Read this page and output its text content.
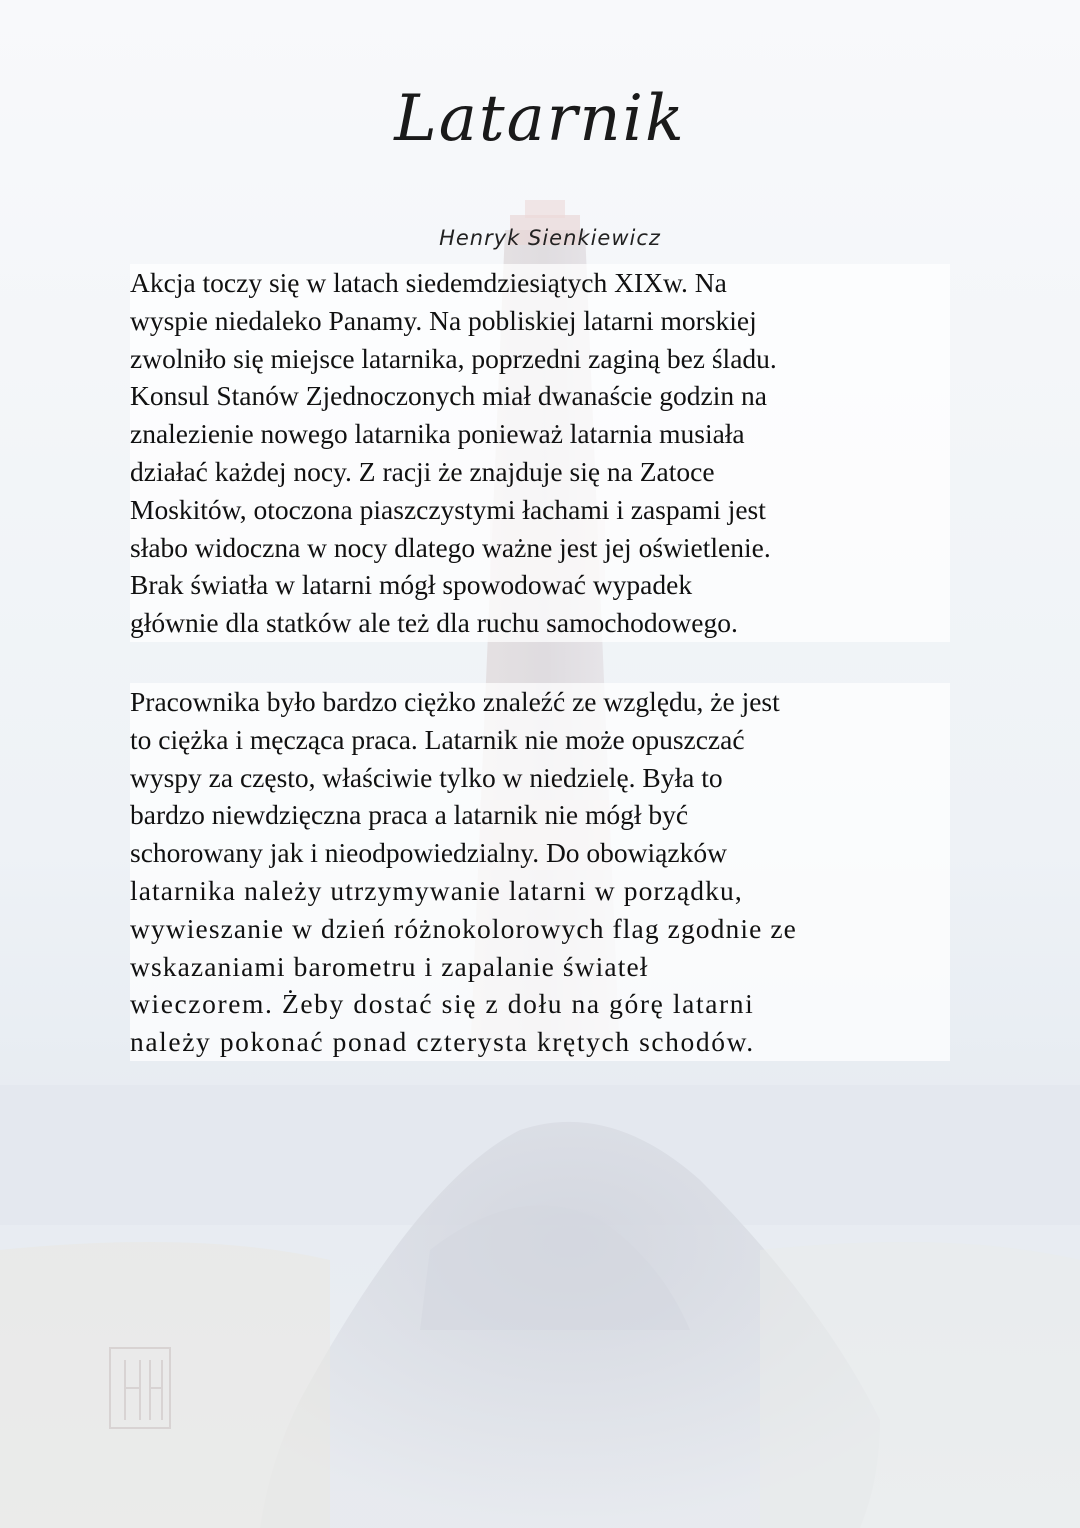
Latarnik
Henryk Sienkiewicz
Akcja toczy się w latach siedemdziesiątych XIXw. Na
wyspie niedaleko Panamy. Na pobliskiej latarni morskiej
zwolniło się miejsce latarnika, poprzedni zaginą bez śladu.
Konsul Stanów Zjednoczonych miał dwanaście godzin na
znalezienie nowego latarnika ponieważ latarnia musiała
działać każdej nocy. Z racji że znajduje się na Zatoce
Moskitów, otoczona piaszczystymi łachami i zaspami jest
słabo widoczna w nocy dlatego ważne jest jej oświetlenie.
Brak światła w latarni mógł spowodować wypadek
głównie dla statków ale też dla ruchu samochodowego.
Pracownika było bardzo ciężko znaleźć ze względu, że jest
to ciężka i męcząca praca. Latarnik nie może opuszczać
wyspy za często, właściwie tylko w niedzielę. Była to
bardzo niewdzięczna praca a latarnik nie mógł być
schorowany jak i nieodpowiedzialny. Do obowiązków
latarnika należy utrzymywanie latarni w porządku,
wywieszanie w dzień różnokolorowych flag zgodnie ze
wskazaniami barometru i zapalanie świateł
wieczorem. Żeby dostać się z dołu na górę latarni
należy pokonać ponad czterysta krętych schodów.
